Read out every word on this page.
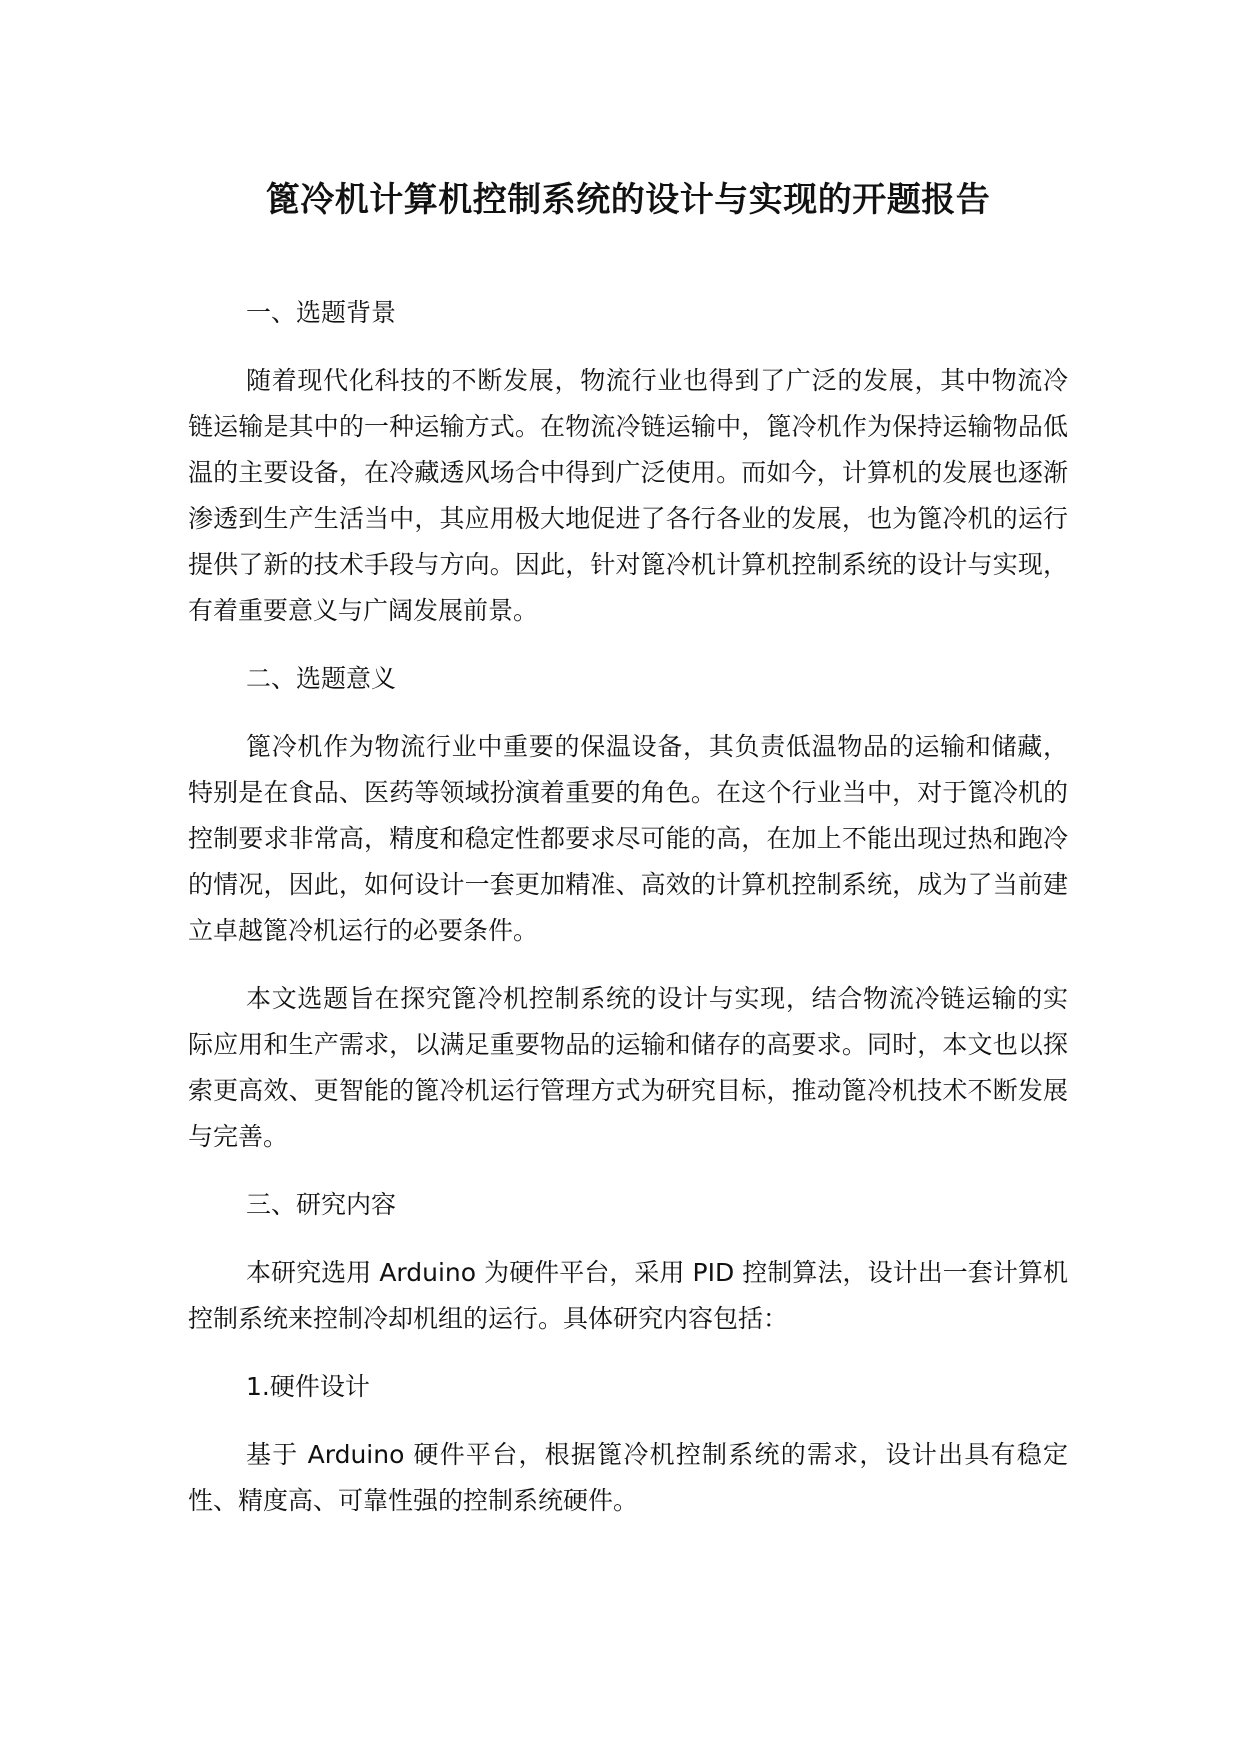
篦冷机计算机控制系统的设计与实现的开题报告
一、选题背景
随着现代化科技的不断发展，物流行业也得到了广泛的发展，其中物流冷链运输是其中的一种运输方式。在物流冷链运输中，篦冷机作为保持运输物品低温的主要设备，在冷藏透风场合中得到广泛使用。而如今，计算机的发展也逐渐渗透到生产生活当中，其应用极大地促进了各行各业的发展，也为篦冷机的运行提供了新的技术手段与方向。因此，针对篦冷机计算机控制系统的设计与实现，有着重要意义与广阔发展前景。
二、选题意义
篦冷机作为物流行业中重要的保温设备，其负责低温物品的运输和储藏，特别是在食品、医药等领域扮演着重要的角色。在这个行业当中，对于篦冷机的控制要求非常高，精度和稳定性都要求尽可能的高，在加上不能出现过热和跑冷的情况，因此，如何设计一套更加精准、高效的计算机控制系统，成为了当前建立卓越篦冷机运行的必要条件。
本文选题旨在探究篦冷机控制系统的设计与实现，结合物流冷链运输的实际应用和生产需求，以满足重要物品的运输和储存的高要求。同时，本文也以探索更高效、更智能的篦冷机运行管理方式为研究目标，推动篦冷机技术不断发展与完善。
三、研究内容
本研究选用 Arduino 为硬件平台，采用 PID 控制算法，设计出一套计算机控制系统来控制冷却机组的运行。具体研究内容包括：
1.硬件设计
基于 Arduino 硬件平台，根据篦冷机控制系统的需求，设计出具有稳定性、精度高、可靠性强的控制系统硬件。
